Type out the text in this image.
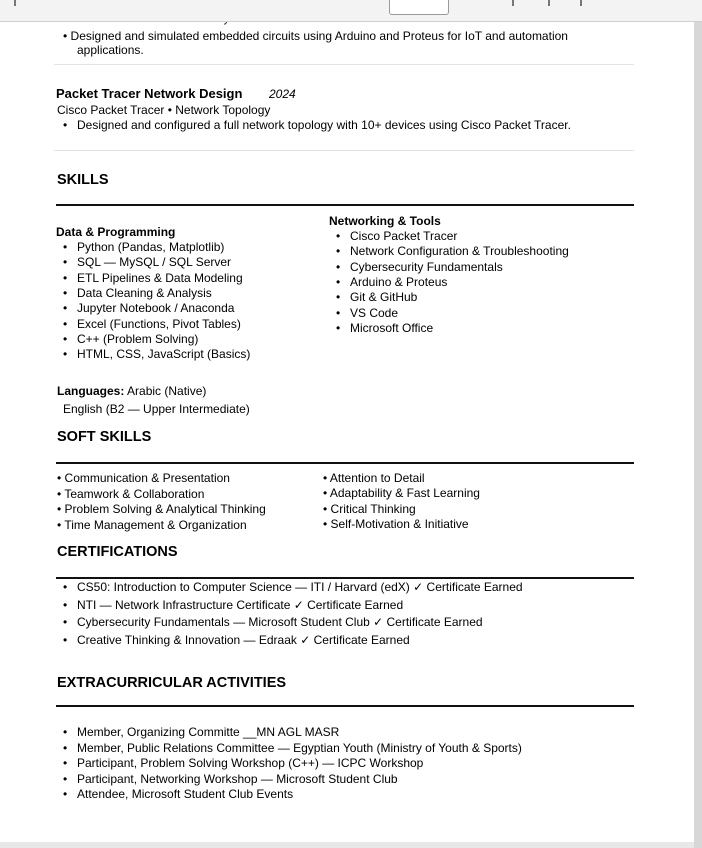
• Designed and simulated embedded circuits using Arduino and Proteus for IoT and automation
applications.
Packet Tracer Network Design 2024
Cisco Packet Tracer • Network Topology
• Designed and configured a full network topology with 10+ devices using Cisco Packet Tracer.
SKILLS
Data & Programming
• Python (Pandas, Matplotlib)
• SQL — MySQL / SQL Server
• ETL Pipelines & Data Modeling
• Data Cleaning & Analysis
• Jupyter Notebook / Anaconda
• Excel (Functions, Pivot Tables)
• C++ (Problem Solving)
• HTML, CSS, JavaScript (Basics)
Networking & Tools
• Cisco Packet Tracer
• Network Configuration & Troubleshooting
• Cybersecurity Fundamentals
• Arduino & Proteus
• Git & GitHub
• VS Code
• Microsoft Office
Languages: Arabic (Native)
English (B2 — Upper Intermediate)
SOFT SKILLS
• Communication & Presentation
• Teamwork & Collaboration
• Problem Solving & Analytical Thinking
• Time Management & Organization
• Attention to Detail
• Adaptability & Fast Learning
• Critical Thinking
• Self-Motivation & Initiative
CERTIFICATIONS
• CS50: Introduction to Computer Science — ITI / Harvard (edX) ✓ Certificate Earned
• NTI — Network Infrastructure Certificate ✓ Certificate Earned
• Cybersecurity Fundamentals — Microsoft Student Club ✓ Certificate Earned
• Creative Thinking & Innovation — Edraak ✓ Certificate Earned
EXTRACURRICULAR ACTIVITIES
• Member, Organizing Committe __MN AGL MASR
• Member, Public Relations Committee — Egyptian Youth (Ministry of Youth & Sports)
• Participant, Problem Solving Workshop (C++) — ICPC Workshop
• Participant, Networking Workshop — Microsoft Student Club
• Attendee, Microsoft Student Club Events
